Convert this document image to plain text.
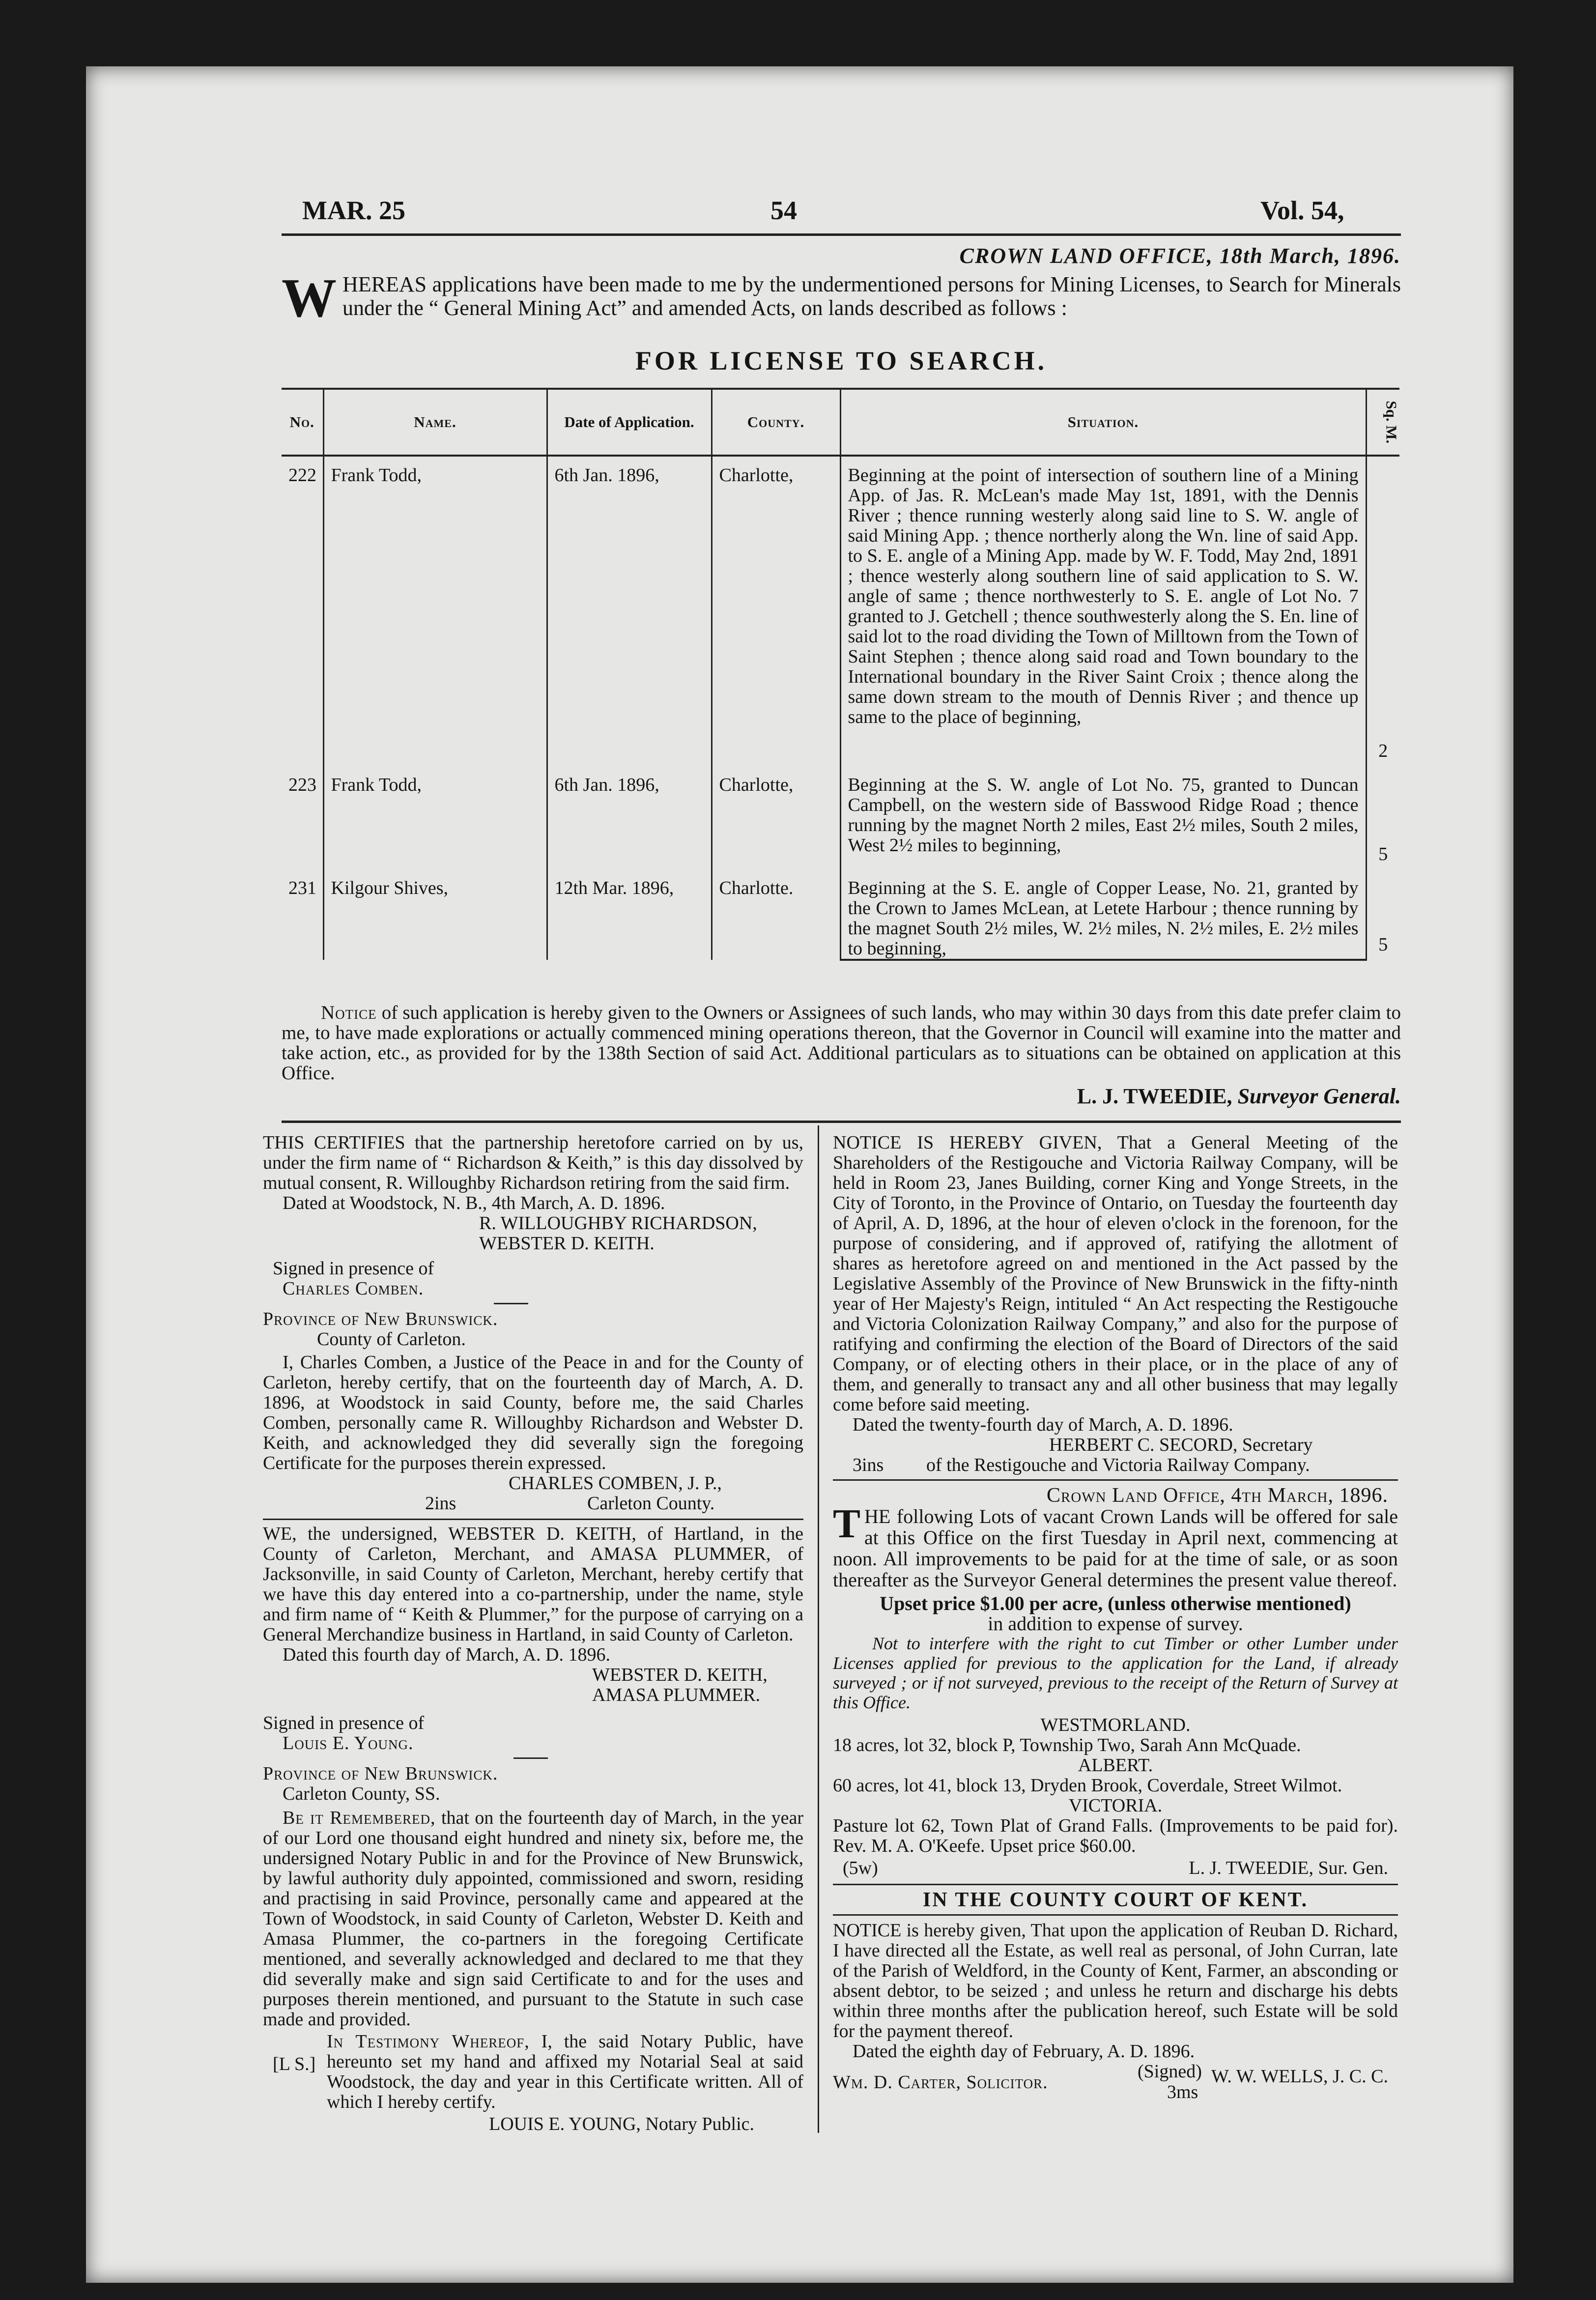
MAR. 25	54	Vol. 54,
CROWN LAND OFFICE, 18th March, 1896.
WHEREAS applications have been made to me by the undermentioned persons for Mining Licenses, to Search for Minerals under the “ General Mining Act” and amended Acts, on lands described as follows :
FOR LICENSE TO SEARCH.
No.	Name.	Date of Application.	County.	Situation.	Sq. M.
222	Frank Todd,	6th Jan. 1896,	Charlotte,	Beginning at the point of intersection of southern line of a Mining App. of Jas. R. McLean's made May 1st, 1891, with the Dennis River ; thence running westerly along said line to S. W. angle of said Mining App. ; thence northerly along the Wn. line of said App. to S. E. angle of a Mining App. made by W. F. Todd, May 2nd, 1891 ; thence westerly along southern line of said application to S. W. angle of same ; thence northwesterly to S. E. angle of Lot No. 7 granted to J. Getchell ; thence southwesterly along the S. En. line of said lot to the road dividing the Town of Milltown from the Town of Saint Stephen ; thence along said road and Town boundary to the International boundary in the River Saint Croix ; thence along the same down stream to the mouth of Dennis River ; and thence up same to the place of beginning,	2
223	Frank Todd,	6th Jan. 1896,	Charlotte,	Beginning at the S. W. angle of Lot No. 75, granted to Duncan Campbell, on the western side of Basswood Ridge Road ; thence running by the magnet North 2 miles, East 2½ miles, South 2 miles, West 2½ miles to beginning,	5
231	Kilgour Shives,	12th Mar. 1896,	Charlotte.	Beginning at the S. E. angle of Copper Lease, No. 21, granted by the Crown to James McLean, at Letete Harbour ; thence running by the magnet South 2½ miles, W. 2½ miles, N. 2½ miles, E. 2½ miles to beginning,	5
Notice of such application is hereby given to the Owners or Assignees of such lands, who may within 30 days from this date prefer claim to me, to have made explorations or actually commenced mining operations thereon, that the Governor in Council will examine into the matter and take action, etc., as provided for by the 138th Section of said Act. Additional particulars as to situations can be obtained on application at this Office.
L. J. TWEEDIE, Surveyor General.

THIS CERTIFIES that the partnership heretofore carried on by us, under the firm name of “ Richardson & Keith,” is this day dissolved by mutual consent, R. Willoughby Richardson retiring from the said firm.

Dated at Woodstock, N. B., 4th March, A. D. 1896.

R. WILLOUGHBY RICHARDSON,

WEBSTER D. KEITH.

Signed in presence of

Charles Comben.

Province of New Brunswick.

County of Carleton.

I, Charles Comben, a Justice of the Peace in and for the County of Carleton, hereby certify, that on the fourteenth day of March, A. D. 1896, at Woodstock in said County, before me, the said Charles Comben, personally came R. Willoughby Richardson and Webster D. Keith, and acknowledged they did severally sign the foregoing Certificate for the purposes therein expressed.

CHARLES COMBEN, J. P.,

2ins	Carleton County.

WE, the undersigned, WEBSTER D. KEITH, of Hartland, in the County of Carleton, Merchant, and AMASA PLUMMER, of Jacksonville, in said County of Carleton, Merchant, hereby certify that we have this day entered into a co-partnership, under the name, style and firm name of “ Keith & Plummer,” for the purpose of carrying on a General Merchandize business in Hartland, in said County of Carleton.

Dated this fourth day of March, A. D. 1896.

WEBSTER D. KEITH,

AMASA PLUMMER.

Signed in presence of

Louis E. Young.

Province of New Brunswick.

Carleton County, SS.

Be it Remembered, that on the fourteenth day of March, in the year of our Lord one thousand eight hundred and ninety six, before me, the undersigned Notary Public in and for the Province of New Brunswick, by lawful authority duly appointed, commissioned and sworn, residing and practising in said Province, personally came and appeared at the Town of Woodstock, in said County of Carleton, Webster D. Keith and Amasa Plummer, the co-partners in the foregoing Certificate mentioned, and severally acknowledged and declared to me that they did severally make and sign said Certificate to and for the uses and purposes therein mentioned, and pursuant to the Statute in such case made and provided.

[L S.]

In Testimony Whereof, I, the said Notary Public, have hereunto set my hand and affixed my Notarial Seal at said Woodstock, the day and year in this Certificate written. All of which I hereby certify.

LOUIS E. YOUNG, Notary Public.

NOTICE IS HEREBY GIVEN, That a General Meeting of the Shareholders of the Restigouche and Victoria Railway Company, will be held in Room 23, Janes Building, corner King and Yonge Streets, in the City of Toronto, in the Province of Ontario, on Tuesday the fourteenth day of April, A. D, 1896, at the hour of eleven o'clock in the forenoon, for the purpose of considering, and if approved of, ratifying the allotment of shares as heretofore agreed on and mentioned in the Act passed by the Legislative Assembly of the Province of New Brunswick in the fifty-ninth year of Her Majesty's Reign, intituled “ An Act respecting the Restigouche and Victoria Colonization Railway Company,” and also for the purpose of ratifying and confirming the election of the Board of Directors of the said Company, or of electing others in their place, or in the place of any of them, and generally to transact any and all other business that may legally come before said meeting.

Dated the twenty-fourth day of March, A. D. 1896.

HERBERT C. SECORD, Secretary

3ins of the Restigouche and Victoria Railway Company.

Crown Land Office, 4th March, 1896.

THE following Lots of vacant Crown Lands will be offered for sale at this Office on the first Tuesday in April next, commencing at noon. All improvements to be paid for at the time of sale, or as soon thereafter as the Surveyor General determines the present value thereof.

Upset price $1.00 per acre, (unless otherwise mentioned)

in addition to expense of survey.

Not to interfere with the right to cut Timber or other Lumber under Licenses applied for previous to the application for the Land, if already surveyed ; or if not surveyed, previous to the receipt of the Return of Survey at this Office.

WESTMORLAND.

18 acres, lot 32, block P, Township Two, Sarah Ann McQuade.

ALBERT.

60 acres, lot 41, block 13, Dryden Brook, Coverdale, Street Wilmot.

VICTORIA.

Pasture lot 62, Town Plat of Grand Falls. (Improvements to be paid for). Rev. M. A. O'Keefe. Upset price $60.00.

(5w)	L. J. TWEEDIE, Sur. Gen.

IN THE COUNTY COURT OF KENT.

NOTICE is hereby given, That upon the application of Reuban D. Richard, I have directed all the Estate, as well real as personal, of John Curran, late of the Parish of Weldford, in the County of Kent, Farmer, an absconding or absent debtor, to be seized ; and unless he return and discharge his debts within three months after the publication hereof, such Estate will be sold for the payment thereof.

Dated the eighth day of February, A. D. 1896.

Wm. D. Carter, Solicitor.
(Signed)
3ms
W. W. WELLS, J. C. C.
